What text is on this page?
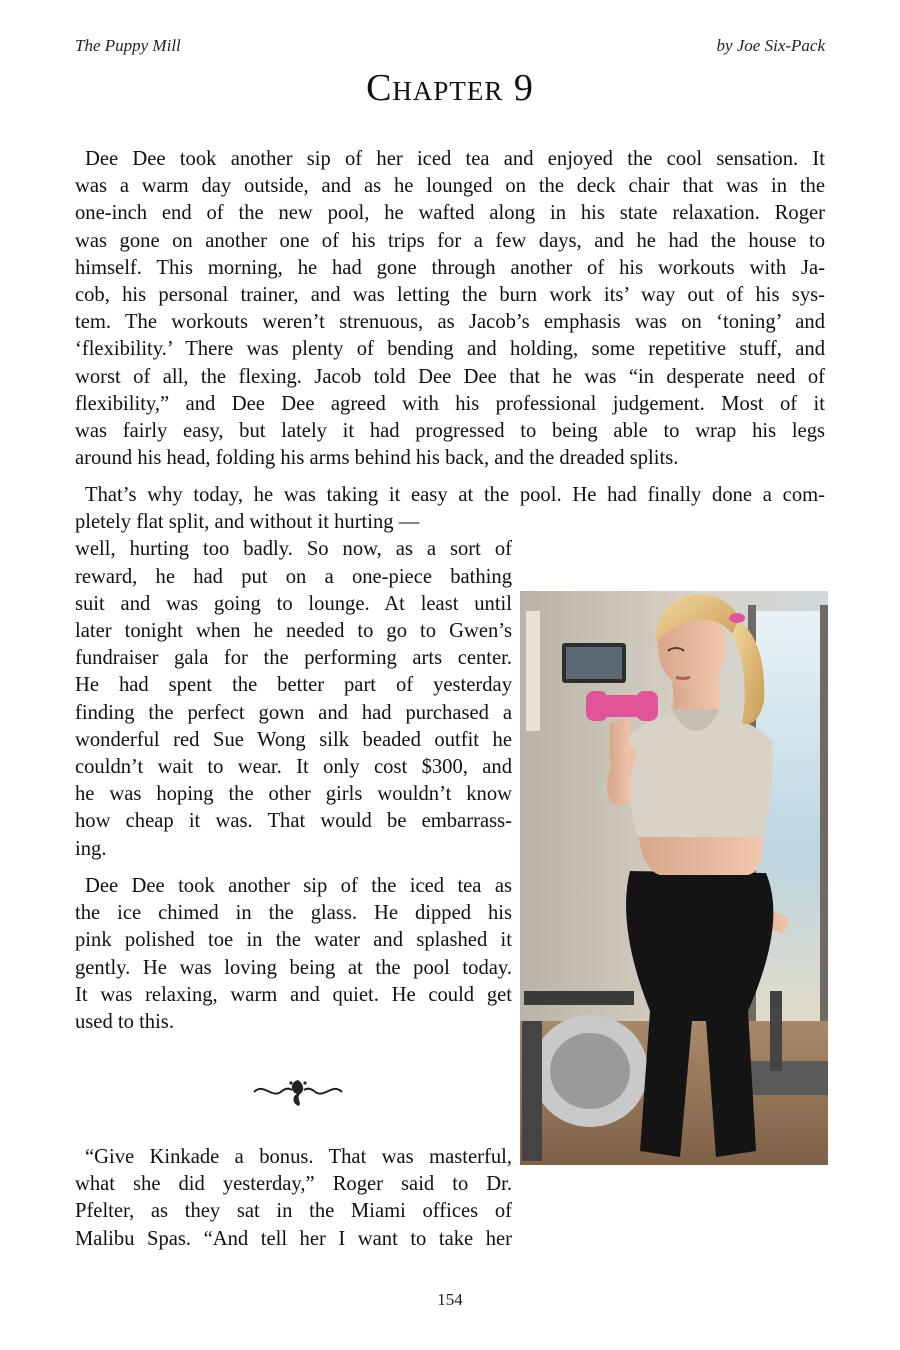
The Puppy Mill	by Joe Six-Pack
Chapter 9
Dee Dee took another sip of her iced tea and enjoyed the cool sensation. It
was a warm day outside, and as he lounged on the deck chair that was in the
one-inch end of the new pool, he wafted along in his state relaxation. Roger
was gone on another one of his trips for a few days, and he had the house to
himself. This morning, he had gone through another of his workouts with Ja-
cob, his personal trainer, and was letting the burn work its’ way out of his sys-
tem. The workouts weren’t strenuous, as Jacob’s emphasis was on ‘toning’ and
‘flexibility.’ There was plenty of bending and holding, some repetitive stuff, and
worst of all, the flexing. Jacob told Dee Dee that he was “in desperate need of
flexibility,” and Dee Dee agreed with his professional judgement. Most of it
was fairly easy, but lately it had progressed to being able to wrap his legs
around his head, folding his arms behind his back, and the dreaded splits.
That’s why today, he was taking it easy at the pool. He had finally done a com-
pletely flat split, and without it hurting —
well, hurting too badly. So now, as a sort of
reward, he had put on a one-piece bathing
suit and was going to lounge. At least until
later tonight when he needed to go to Gwen’s
fundraiser gala for the performing arts center.
He had spent the better part of yesterday
finding the perfect gown and had purchased a
wonderful red Sue Wong silk beaded outfit he
couldn’t wait to wear. It only cost $300, and
he was hoping the other girls wouldn’t know
how cheap it was. That would be embarrass-
ing.
Dee Dee took another sip of the iced tea as
the ice chimed in the glass. He dipped his
pink polished toe in the water and splashed it
gently. He was loving being at the pool today.
It was relaxing, warm and quiet. He could get
used to this.
“Give Kinkade a bonus. That was masterful,
what she did yesterday,” Roger said to Dr.
Pfelter, as they sat in the Miami offices of
Malibu Spas. “And tell her I want to take her
154
